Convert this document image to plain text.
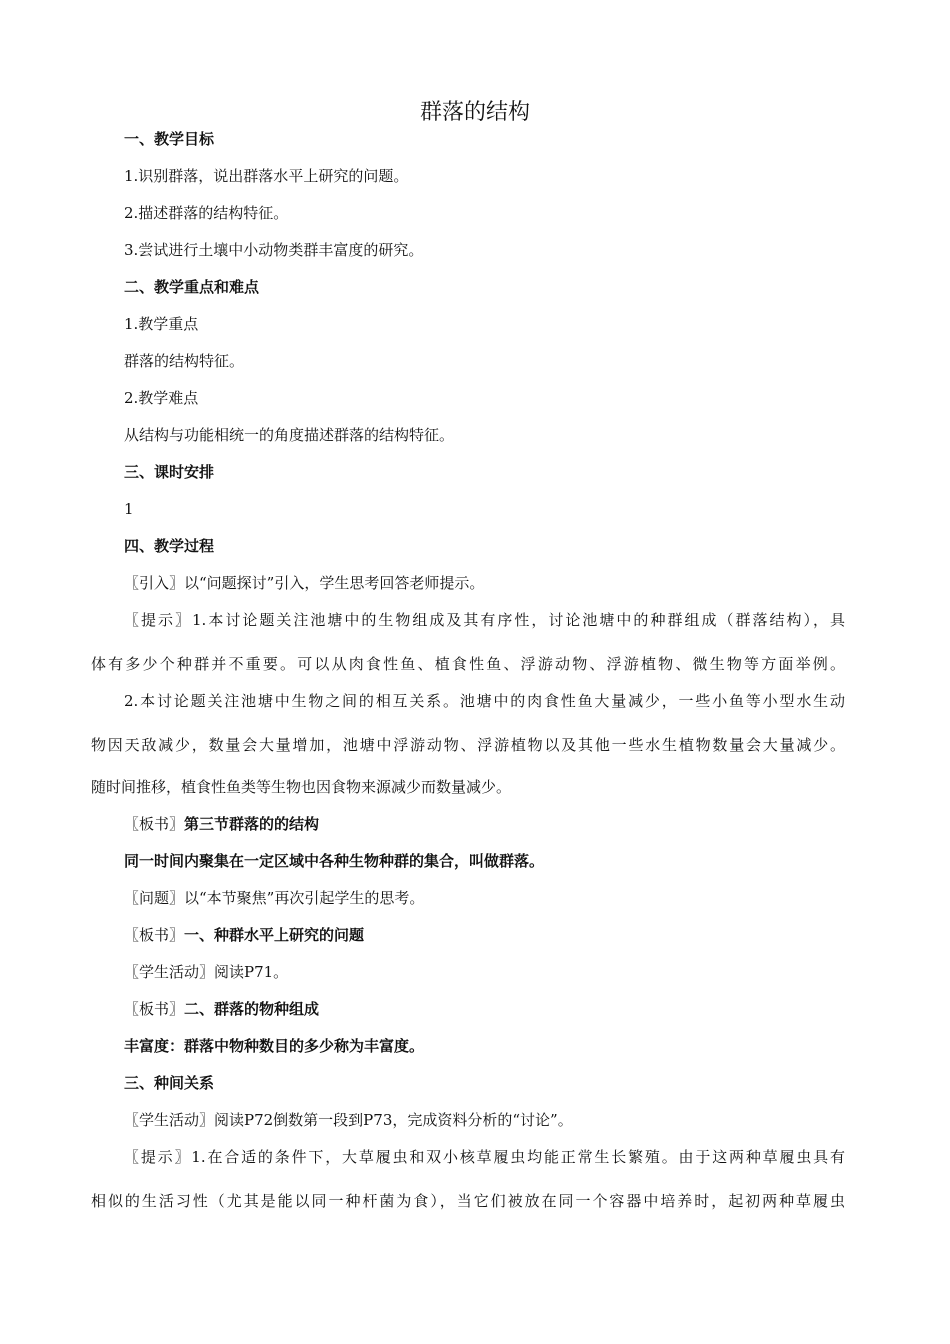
群落的结构
一、教学目标
1.识别群落，说出群落水平上研究的问题。
2.描述群落的结构特征。
3.尝试进行土壤中小动物类群丰富度的研究。
二、教学重点和难点
1.教学重点
群落的结构特征。
2.教学难点
从结构与功能相统一的角度描述群落的结构特征。
三、课时安排
1
四、教学过程
〖引入〗以“问题探讨”引入，学生思考回答老师提示。
〖提示〗1.本讨论题关注池塘中的生物组成及其有序性，讨论池塘中的种群组成（群落结构），具
体有多少个种群并不重要。可以从肉食性鱼、植食性鱼、浮游动物、浮游植物、微生物等方面举例。
2.本讨论题关注池塘中生物之间的相互关系。池塘中的肉食性鱼大量减少，一些小鱼等小型水生动
物因天敌减少，数量会大量增加，池塘中浮游动物、浮游植物以及其他一些水生植物数量会大量减少。
随时间推移，植食性鱼类等生物也因食物来源减少而数量减少。
〖板书〗第三节群落的的结构
同一时间内聚集在一定区域中各种生物种群的集合，叫做群落。
〖问题〗以“本节聚焦”再次引起学生的思考。
〖板书〗一、种群水平上研究的问题
〖学生活动〗阅读P71。
〖板书〗二、群落的物种组成
丰富度：群落中物种数目的多少称为丰富度。
三、种间关系
〖学生活动〗阅读P72倒数第一段到P73，完成资料分析的“讨论”。
〖提示〗1.在合适的条件下，大草履虫和双小核草履虫均能正常生长繁殖。由于这两种草履虫具有
相似的生活习性（尤其是能以同一种杆菌为食），当它们被放在同一个容器中培养时，起初两种草履虫
